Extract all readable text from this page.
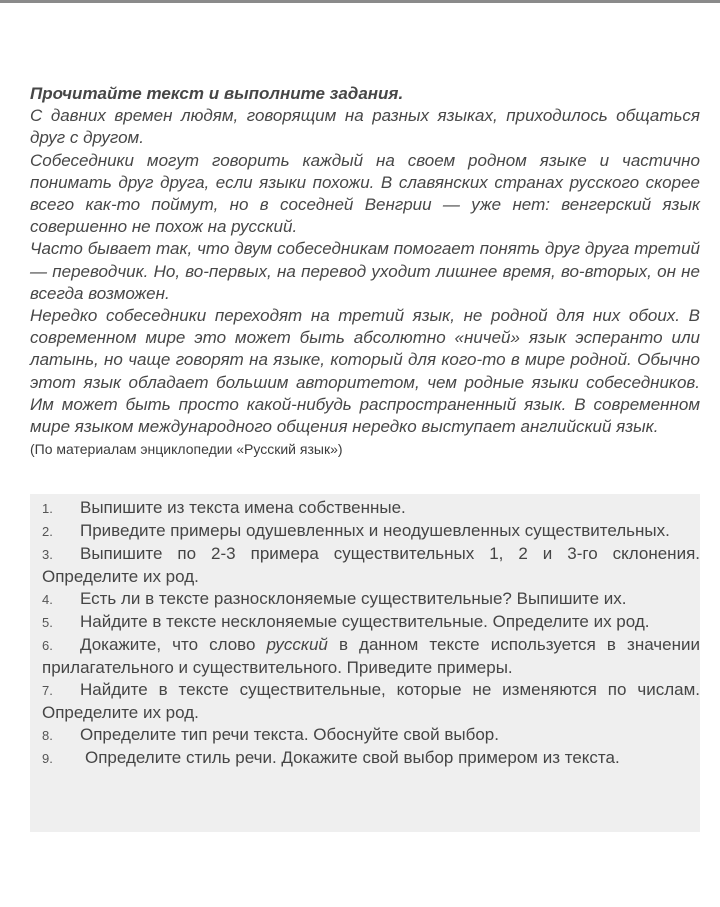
Прочитайте текст и выполните задания.

С давних времен людям, говорящим на разных языках, приходилось общаться друг с другом.

Собеседники могут говорить каждый на своем родном языке и частично понимать друг друга, если языки похожи. В славянских странах русского скорее всего как-то поймут, но в соседней Венгрии — уже нет: венгерский язык совершенно не похож на русский.

Часто бывает так, что двум собеседникам помогает понять друг друга третий — переводчик. Но, во-первых, на перевод уходит лишнее время, во-вторых, он не всегда возможен.

Нередко собеседники переходят на третий язык, не родной для них обоих. В современном мире это может быть абсолютно «ничей» язык эсперанто или латынь, но чаще говорят на языке, который для кого-то в мире родной. Обычно этот язык обладает большим авторитетом, чем родные языки собеседников. Им может быть просто какой-нибудь распространенный язык. В современном мире языком международного общения нередко выступает английский язык.

(По материалам энциклопедии «Русский язык»)

1. Выпишите из текста имена собственные.

2. Приведите примеры одушевленных и неодушевленных существительных.

3. Выпишите по 2-3 примера существительных 1, 2 и 3-го склонения. Определите их род.

4. Есть ли в тексте разносклоняемые существительные? Выпишите их.

5. Найдите в тексте несклоняемые существительные. Определите их род.

6. Докажите, что слово русский в данном тексте используется в значении прилагательного и существительного. Приведите примеры.

7. Найдите в тексте существительные, которые не изменяются по числам. Определите их род.

8. Определите тип речи текста. Обоснуйте свой выбор.

9. Определите стиль речи. Докажите свой выбор примером из текста.
